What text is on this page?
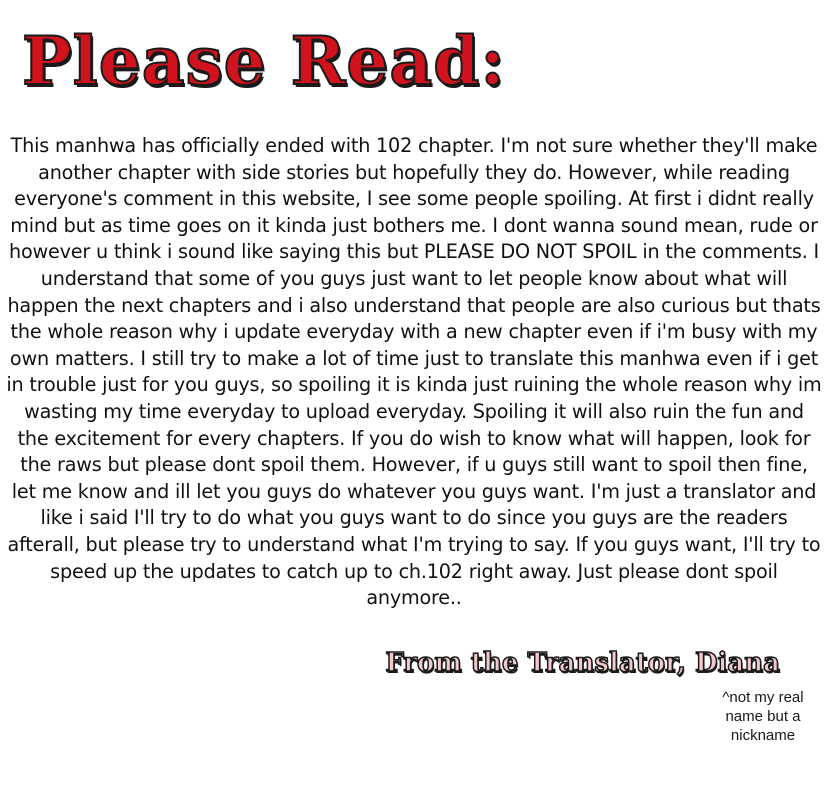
Please Read:

This manhwa has officially ended with 102 chapter. I'm not sure whether they'll make another chapter with side stories but hopefully they do. However, while reading everyone's comment in this website, I see some people spoiling. At first i didnt really mind but as time goes on it kinda just bothers me. I dont wanna sound mean, rude or however u think i sound like saying this but PLEASE DO NOT SPOIL in the comments. I understand that some of you guys just want to let people know about what will happen the next chapters and i also understand that people are also curious but thats the whole reason why i update everyday with a new chapter even if i'm busy with my own matters. I still try to make a lot of time just to translate this manhwa even if i get in trouble just for you guys, so spoiling it is kinda just ruining the whole reason why im wasting my time everyday to upload everyday. Spoiling it will also ruin the fun and the excitement for every chapters. If you do wish to know what will happen, look for the raws but please dont spoil them. However, if u guys still want to spoil then fine, let me know and ill let you guys do whatever you guys want. I'm just a translator and like i said I'll try to do what you guys want to do since you guys are the readers afterall, but please try to understand what I'm trying to say. If you guys want, I'll try to speed up the updates to catch up to ch.102 right away. Just please dont spoil anymore..

From the Translator, Diana

^not my real name but a nickname
